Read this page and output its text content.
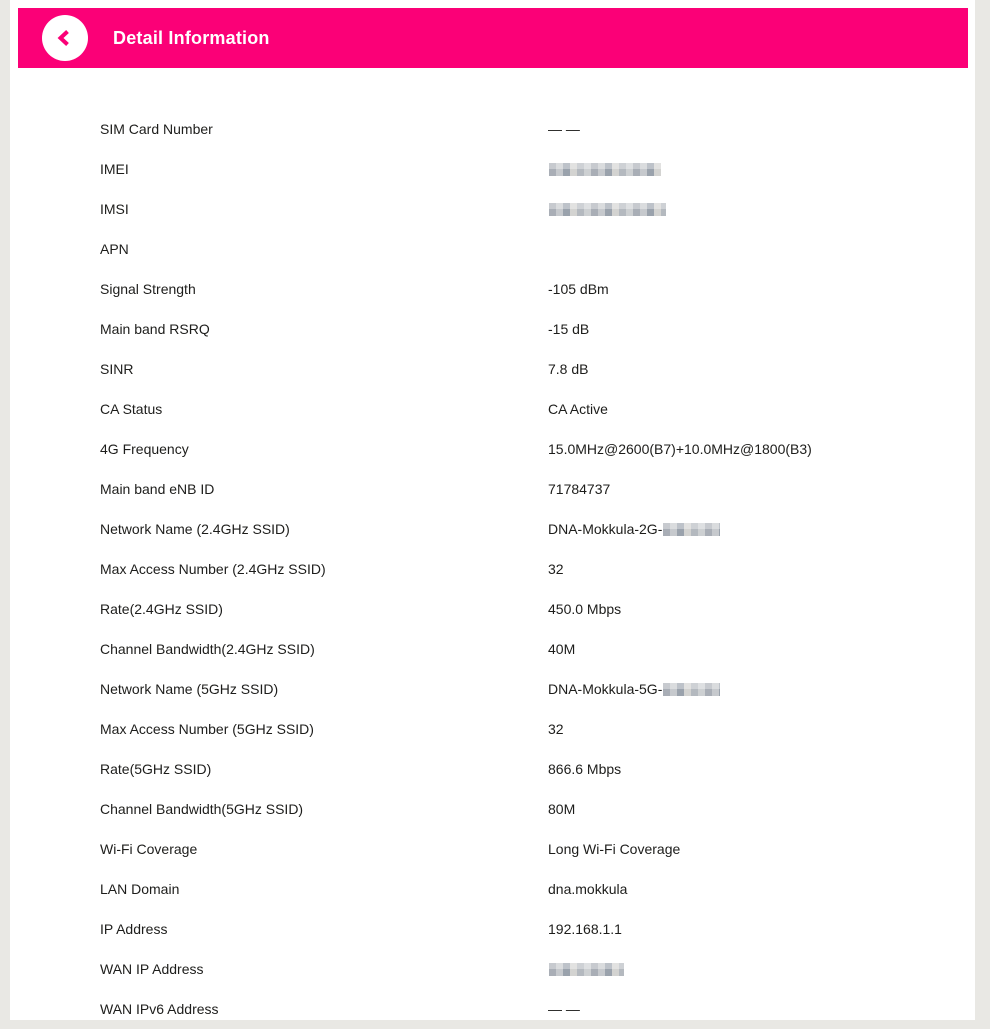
Detail Information
SIM Card Number	— —
IMEI
IMSI
APN
Signal Strength	-105 dBm
Main band RSRQ	-15 dB
SINR	7.8 dB
CA Status	CA Active
4G Frequency	15.0MHz@2600(B7)+10.0MHz@1800(B3)
Main band eNB ID	71784737
Network Name (2.4GHz SSID)	DNA-Mokkula-2G-
Max Access Number (2.4GHz SSID)	32
Rate(2.4GHz SSID)	450.0 Mbps
Channel Bandwidth(2.4GHz SSID)	40M
Network Name (5GHz SSID)	DNA-Mokkula-5G-
Max Access Number (5GHz SSID)	32
Rate(5GHz SSID)	866.6 Mbps
Channel Bandwidth(5GHz SSID)	80M
Wi-Fi Coverage	Long Wi-Fi Coverage
LAN Domain	dna.mokkula
IP Address	192.168.1.1
WAN IP Address
WAN IPv6 Address	— —
